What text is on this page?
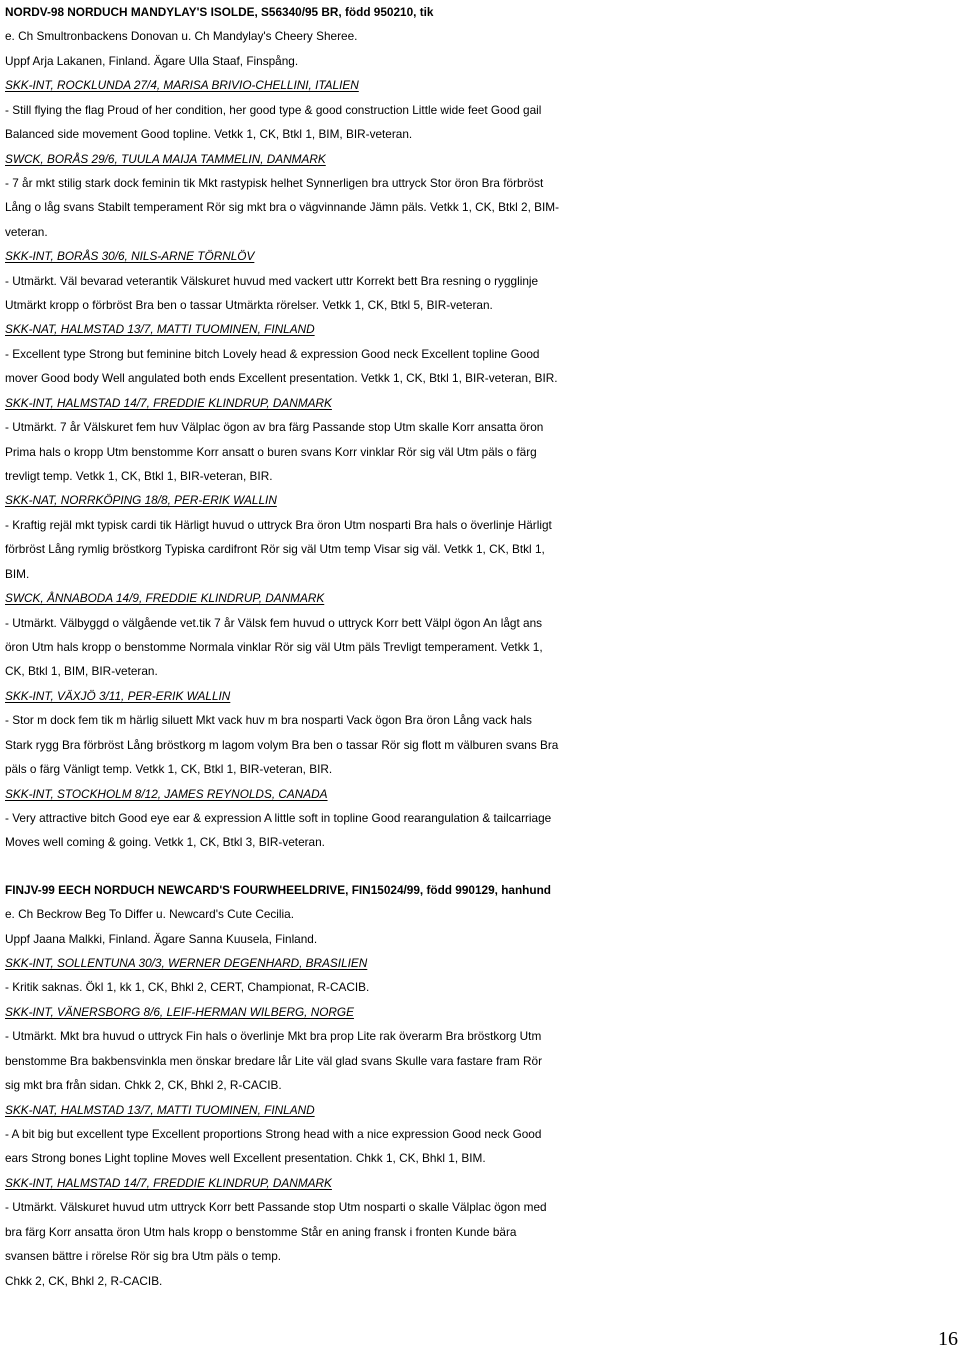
NORDV-98 NORDUCH MANDYLAY'S ISOLDE, S56340/95 BR, född 950210, tik
e. Ch Smultronbackens Donovan u. Ch Mandylay's Cheery Sheree.
Uppf Arja Lakanen, Finland. Ägare Ulla Staaf, Finspång.
SKK-INT, ROCKLUNDA 27/4, MARISA BRIVIO-CHELLINI, ITALIEN
- Still flying the flag Proud of her condition, her good type & good construction Little wide feet Good gail
Balanced side movement Good topline. Vetkk 1, CK, Btkl 1, BIM, BIR-veteran.
SWCK, BORÅS 29/6, TUULA MAIJA TAMMELIN, DANMARK
- 7 år mkt stilig stark dock feminin tik Mkt rastypisk helhet Synnerligen bra uttryck Stor öron Bra förbröst
Lång o låg svans Stabilt temperament Rör sig mkt bra o vägvinnande Jämn päls. Vetkk 1, CK, Btkl 2, BIM-
veteran.
SKK-INT, BORÅS 30/6, NILS-ARNE TÖRNLÖV
- Utmärkt. Väl bevarad veterantik Välskuret huvud med vackert uttr Korrekt bett Bra resning o rygglinje
Utmärkt kropp o förbröst Bra ben o tassar Utmärkta rörelser. Vetkk 1, CK, Btkl 5, BIR-veteran.
SKK-NAT, HALMSTAD 13/7, MATTI TUOMINEN, FINLAND
- Excellent type Strong but feminine bitch Lovely head & expression Good neck Excellent topline Good
mover Good body Well angulated both ends Excellent presentation. Vetkk 1, CK, Btkl 1, BIR-veteran, BIR.
SKK-INT, HALMSTAD 14/7, FREDDIE KLINDRUP, DANMARK
- Utmärkt. 7 år Välskuret fem huv Välplac ögon av bra färg Passande stop Utm skalle Korr ansatta öron
Prima hals o kropp Utm benstomme Korr ansatt o buren svans Korr vinklar Rör sig väl Utm päls o färg
trevligt temp. Vetkk 1, CK, Btkl 1, BIR-veteran, BIR.
SKK-NAT, NORRKÖPING 18/8, PER-ERIK WALLIN
- Kraftig rejäl mkt typisk cardi tik Härligt huvud o uttryck Bra öron Utm nosparti Bra hals o överlinje Härligt
förbröst Lång rymlig bröstkorg Typiska cardifront Rör sig väl Utm temp Visar sig väl. Vetkk 1, CK, Btkl 1,
BIM.
SWCK, ÅNNABODA 14/9, FREDDIE KLINDRUP, DANMARK
- Utmärkt. Välbyggd o välgående vet.tik 7 år Välsk fem huvud o uttryck Korr bett Välpl ögon An lågt ans
öron Utm hals kropp o benstomme Normala vinklar Rör sig väl Utm päls Trevligt temperament. Vetkk 1,
CK, Btkl 1, BIM, BIR-veteran.
SKK-INT, VÄXJÖ 3/11, PER-ERIK WALLIN
- Stor m dock fem tik m härlig siluett Mkt vack huv m bra nosparti Vack ögon Bra öron Lång vack hals
Stark rygg Bra förbröst Lång bröstkorg m lagom volym Bra ben o tassar Rör sig flott m välburen svans Bra
päls o färg Vänligt temp. Vetkk 1, CK, Btkl 1, BIR-veteran, BIR.
SKK-INT, STOCKHOLM 8/12, JAMES REYNOLDS, CANADA
- Very attractive bitch Good eye ear & expression A little soft in topline Good rearangulation & tailcarriage
Moves well coming & going. Vetkk 1, CK, Btkl 3, BIR-veteran.
FINJV-99 EECH NORDUCH NEWCARD'S FOURWHEELDRIVE, FIN15024/99, född 990129, hanhund
e. Ch Beckrow Beg To Differ u. Newcard's Cute Cecilia.
Uppf Jaana Malkki, Finland. Ägare Sanna Kuusela, Finland.
SKK-INT, SOLLENTUNA 30/3, WERNER DEGENHARD, BRASILIEN
- Kritik saknas. Ökl 1, kk 1, CK, Bhkl 2, CERT, Championat, R-CACIB.
SKK-INT, VÄNERSBORG 8/6, LEIF-HERMAN WILBERG, NORGE
- Utmärkt. Mkt bra huvud o uttryck Fin hals o överlinje Mkt bra prop Lite rak överarm Bra bröstkorg Utm
benstomme Bra bakbensvinkla men önskar bredare lår Lite väl glad svans Skulle vara fastare fram Rör
sig mkt bra från sidan. Chkk 2, CK, Bhkl 2, R-CACIB.
SKK-NAT, HALMSTAD 13/7, MATTI TUOMINEN, FINLAND
- A bit big but excellent type Excellent proportions Strong head with a nice expression Good neck Good
ears Strong bones Light topline Moves well Excellent presentation. Chkk 1, CK, Bhkl 1, BIM.
SKK-INT, HALMSTAD 14/7, FREDDIE KLINDRUP, DANMARK
- Utmärkt. Välskuret huvud utm uttryck Korr bett Passande stop Utm nosparti o skalle Välplac ögon med
bra färg Korr ansatta öron Utm hals kropp o benstomme Står en aning fransk i fronten Kunde bära
svansen bättre i rörelse Rör sig bra Utm päls o temp.
Chkk 2, CK, Bhkl 2, R-CACIB.
16
